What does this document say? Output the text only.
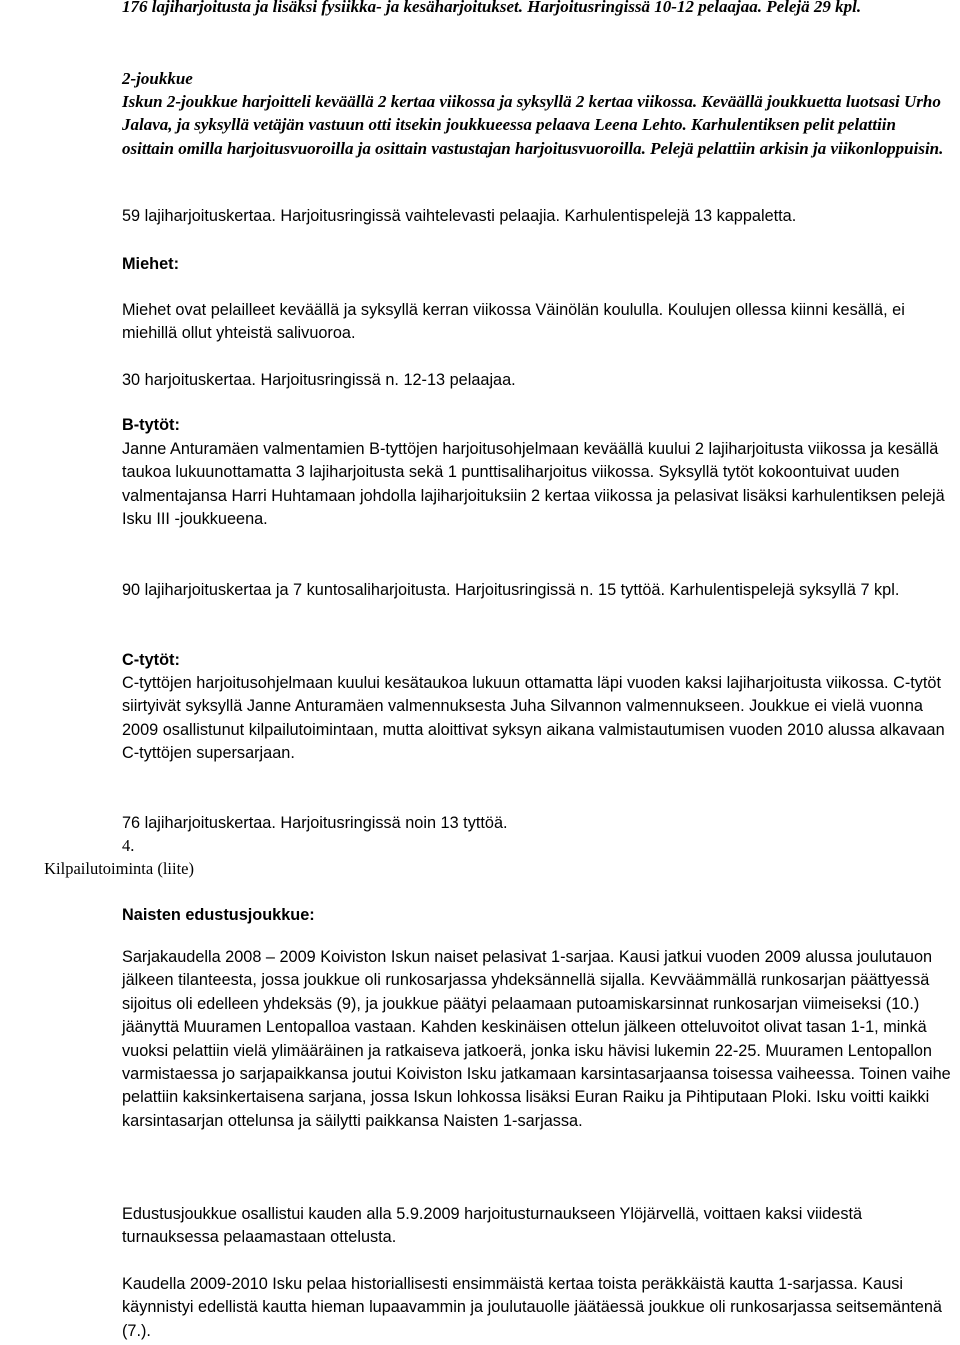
176 lajiharjoitusta ja lisäksi fysiikka- ja kesäharjoitukset. Harjoitusringissä 10-12 pelaajaa. Pelejä 29 kpl.

2-joukkue

Iskun 2-joukkue harjoitteli keväällä 2 kertaa viikossa ja syksyllä 2 kertaa viikossa. Keväällä joukkuetta luotsasi Urho Jalava, ja syksyllä vetäjän vastuun otti itsekin joukkueessa pelaava Leena Lehto. Karhulentiksen pelit pelattiin osittain omilla harjoitusvuoroilla ja osittain vastustajan harjoitusvuoroilla. Pelejä pelattiin arkisin ja viikonloppuisin.

59 lajiharjoituskertaa. Harjoitusringissä vaihtelevasti pelaajia. Karhulentispelejä 13 kappaletta.

Miehet:

Miehet ovat pelailleet keväällä ja syksyllä kerran viikossa Väinölän koululla. Koulujen ollessa kiinni kesällä, ei miehillä ollut yhteistä salivuoroa.

30 harjoituskertaa. Harjoitusringissä n. 12-13 pelaajaa.

B-tytöt:

Janne Anturamäen valmentamien B-tyttöjen harjoitusohjelmaan keväällä kuului 2 lajiharjoitusta viikossa ja kesällä taukoa lukuunottamatta 3 lajiharjoitusta sekä 1 punttisaliharjoitus viikossa. Syksyllä tytöt kokoontuivat uuden valmentajansa Harri Huhtamaan johdolla lajiharjoituksiin 2 kertaa viikossa ja pelasivat lisäksi karhulentiksen pelejä Isku III -joukkueena.

90 lajiharjoituskertaa ja 7 kuntosaliharjoitusta. Harjoitusringissä n. 15 tyttöä. Karhulentispelejä syksyllä 7 kpl.

C-tytöt:

C-tyttöjen harjoitusohjelmaan kuului kesätaukoa lukuun ottamatta läpi vuoden kaksi lajiharjoitusta viikossa. C-tytöt siirtyivät syksyllä Janne Anturamäen valmennuksesta Juha Silvannon valmennukseen. Joukkue ei vielä vuonna 2009 osallistunut kilpailutoimintaan, mutta aloittivat syksyn aikana valmistautumisen vuoden 2010 alussa alkavaan C-tyttöjen supersarjaan.

76 lajiharjoituskertaa. Harjoitusringissä noin 13 tyttöä.

Naisten edustusjoukkue:

Sarjakaudella 2008 – 2009 Koiviston Iskun naiset pelasivat 1-sarjaa. Kausi jatkui vuoden 2009 alussa joulutauon jälkeen tilanteesta, jossa joukkue oli runkosarjassa yhdeksännellä sijalla. Kevväämmällä runkosarjan päättyessä sijoitus oli edelleen yhdeksäs (9), ja joukkue päätyi pelaamaan putoamiskarsinnat runkosarjan viimeiseksi (10.) jäänyttä Muuramen Lentopalloa vastaan. Kahden keskinäisen ottelun jälkeen otteluvoitot olivat tasan 1-1, minkä vuoksi pelattiin vielä ylimääräinen ja ratkaiseva jatkoerä, jonka isku hävisi lukemin 22-25. Muuramen Lentopallon varmistaessa jo sarjapaikkansa joutui Koiviston Isku jatkamaan karsintasarjaansa toisessa vaiheessa. Toinen vaihe pelattiin kaksinkertaisena sarjana, jossa Iskun lohkossa lisäksi Euran Raiku ja Pihtiputaan Ploki. Isku voitti kaikki karsintasarjan ottelunsa ja säilytti paikkansa Naisten 1-sarjassa.

Edustusjoukkue osallistui kauden alla 5.9.2009 harjoitusturnaukseen Ylöjärvellä, voittaen kaksi viidestä turnauksessa pelaamastaan ottelusta.

Kaudella 2009-2010 Isku pelaa historiallisesti ensimmäistä kertaa toista peräkkäistä kautta 1-sarjassa. Kausi käynnistyi edellistä kautta hieman lupaavammin ja joulutauolle jäätäessä joukkue oli runkosarjassa seitsemäntenä (7.).

4.
Kilpailutoiminta (liite)
